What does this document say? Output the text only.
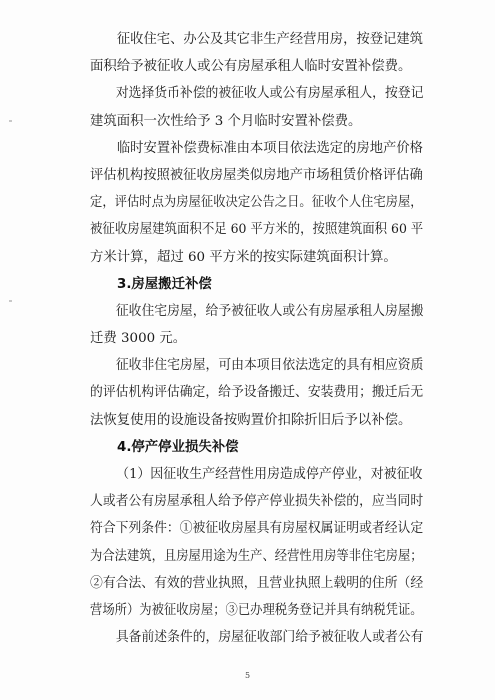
征收住宅、办公及其它非生产经营用房，按登记建筑
面积给予被征收人或公有房屋承租人临时安置补偿费。
对选择货币补偿的被征收人或公有房屋承租人，按登记
建筑面积一次性给予 3 个月临时安置补偿费。
临时安置补偿费标准由本项目依法选定的房地产价格
评估机构按照被征收房屋类似房地产市场租赁价格评估确
定，评估时点为房屋征收决定公告之日。征收个人住宅房屋，
被征收房屋建筑面积不足 60 平方米的，按照建筑面积 60 平
方米计算，超过 60 平方米的按实际建筑面积计算。
3.房屋搬迁补偿
征收住宅房屋，给予被征收人或公有房屋承租人房屋搬
迁费 3000 元。
征收非住宅房屋，可由本项目依法选定的具有相应资质
的评估机构评估确定，给予设备搬迁、安装费用；搬迁后无
法恢复使用的设施设备按购置价扣除折旧后予以补偿。
4.停产停业损失补偿
（1）因征收生产经营性用房造成停产停业，对被征收
人或者公有房屋承租人给予停产停业损失补偿的，应当同时
符合下列条件：①被征收房屋具有房屋权属证明或者经认定
为合法建筑，且房屋用途为生产、经营性用房等非住宅房屋；
②有合法、有效的营业执照，且营业执照上载明的住所（经
营场所）为被征收房屋；③已办理税务登记并具有纳税凭证。
具备前述条件的，房屋征收部门给予被征收人或者公有
5
